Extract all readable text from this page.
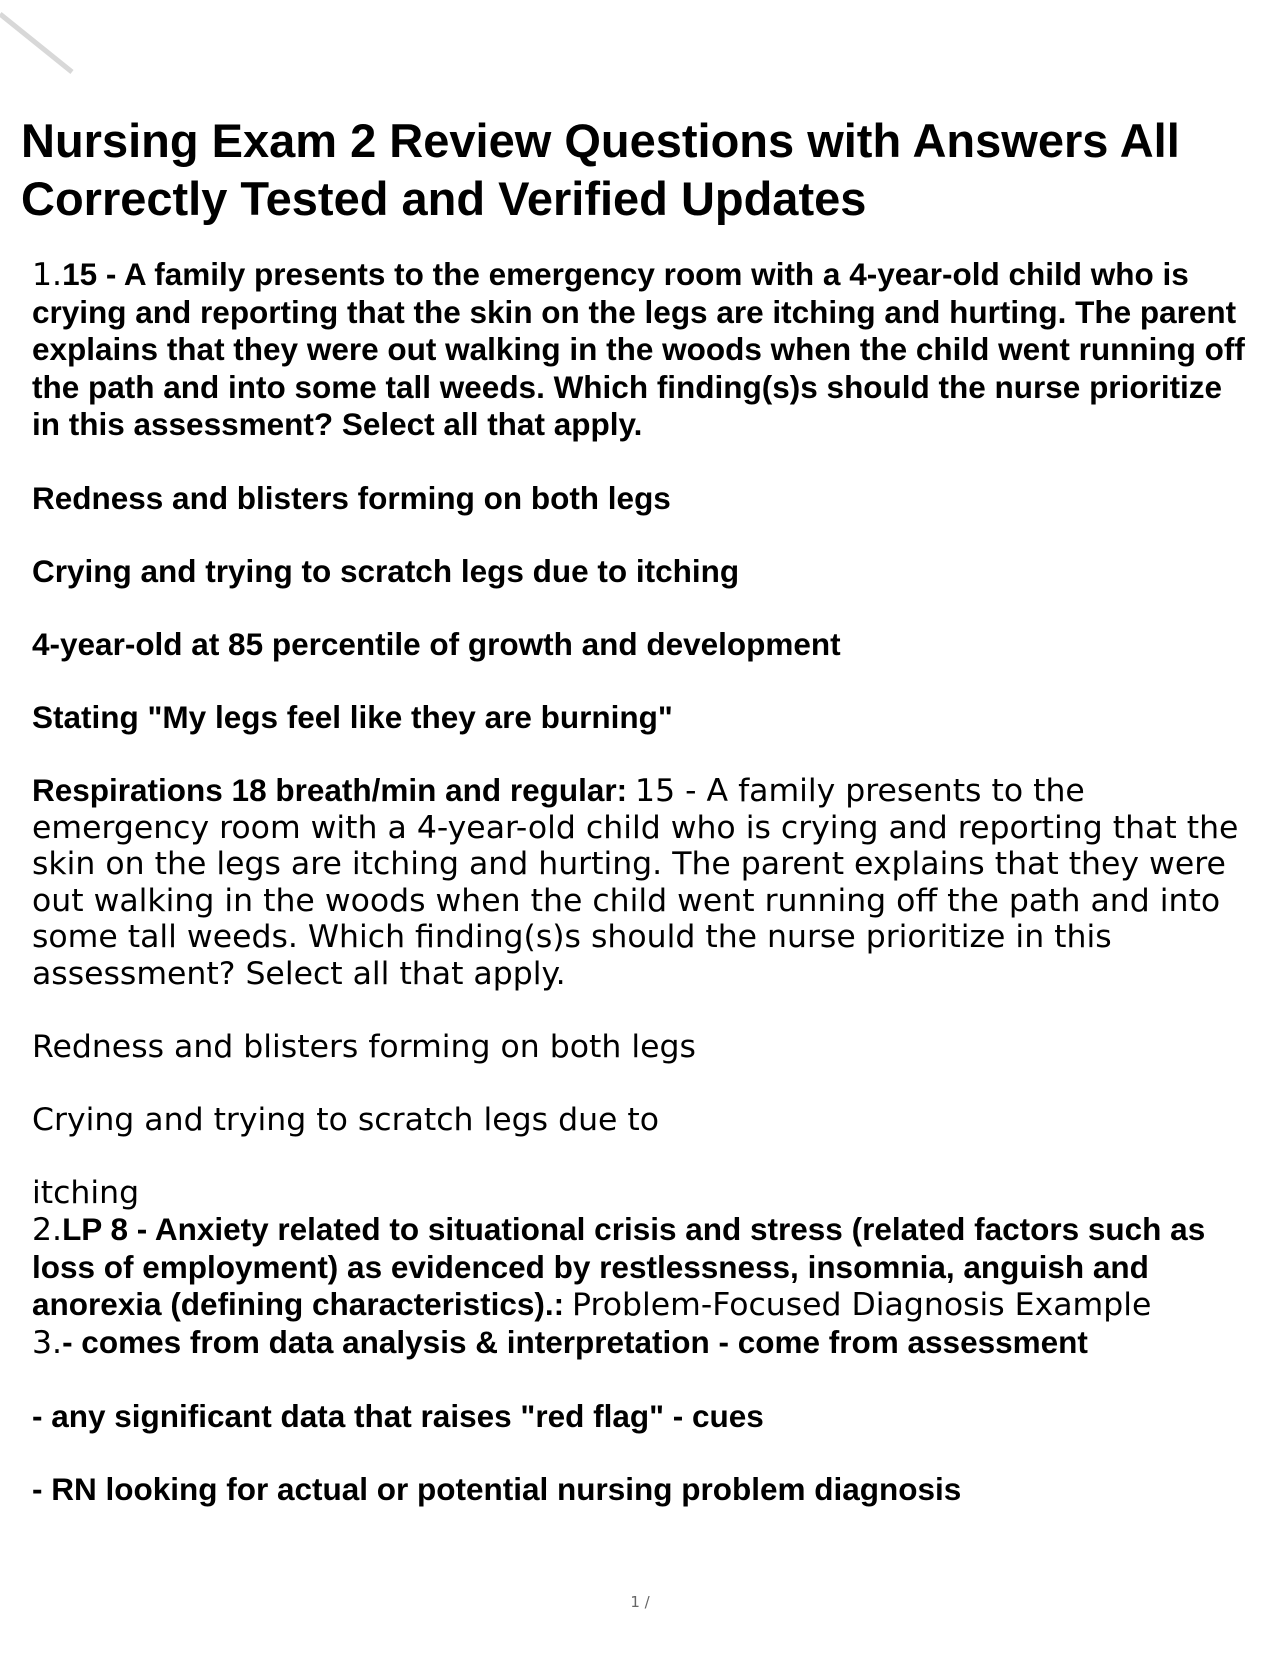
Nursing Exam 2 Review Questions with Answers All Correctly Tested and Verified Updates
1.15 - A family presents to the emergency room with a 4-year-old child who is crying and reporting that the skin on the legs are itching and hurting. The parent explains that they were out walking in the woods when the child went running off the path and into some tall weeds. Which finding(s)s should the nurse prioritize in this assessment? Select all that apply.
Redness and blisters forming on both legs
Crying and trying to scratch legs due to itching
4-year-old at 85 percentile of growth and development
Stating "My legs feel like they are burning"
Respirations 18 breath/min and regular: 15 - A family presents to the emergency room with a 4-year-old child who is crying and reporting that the skin on the legs are itching and hurting. The parent explains that they were out walking in the woods when the child went running off the path and into some tall weeds. Which finding(s)s should the nurse prioritize in this assessment? Select all that apply.
Redness and blisters forming on both legs
Crying and trying to scratch legs due to
itching
2.LP 8 - Anxiety related to situational crisis and stress (related factors such as loss of employment) as evidenced by restlessness, insomnia, anguish and anorexia (defining characteristics).: Problem-Focused Diagnosis Example
3.- comes from data analysis & interpretation - come from assessment
- any significant data that raises "red flag" - cues
- RN looking for actual or potential nursing problem diagnosis
1 /
